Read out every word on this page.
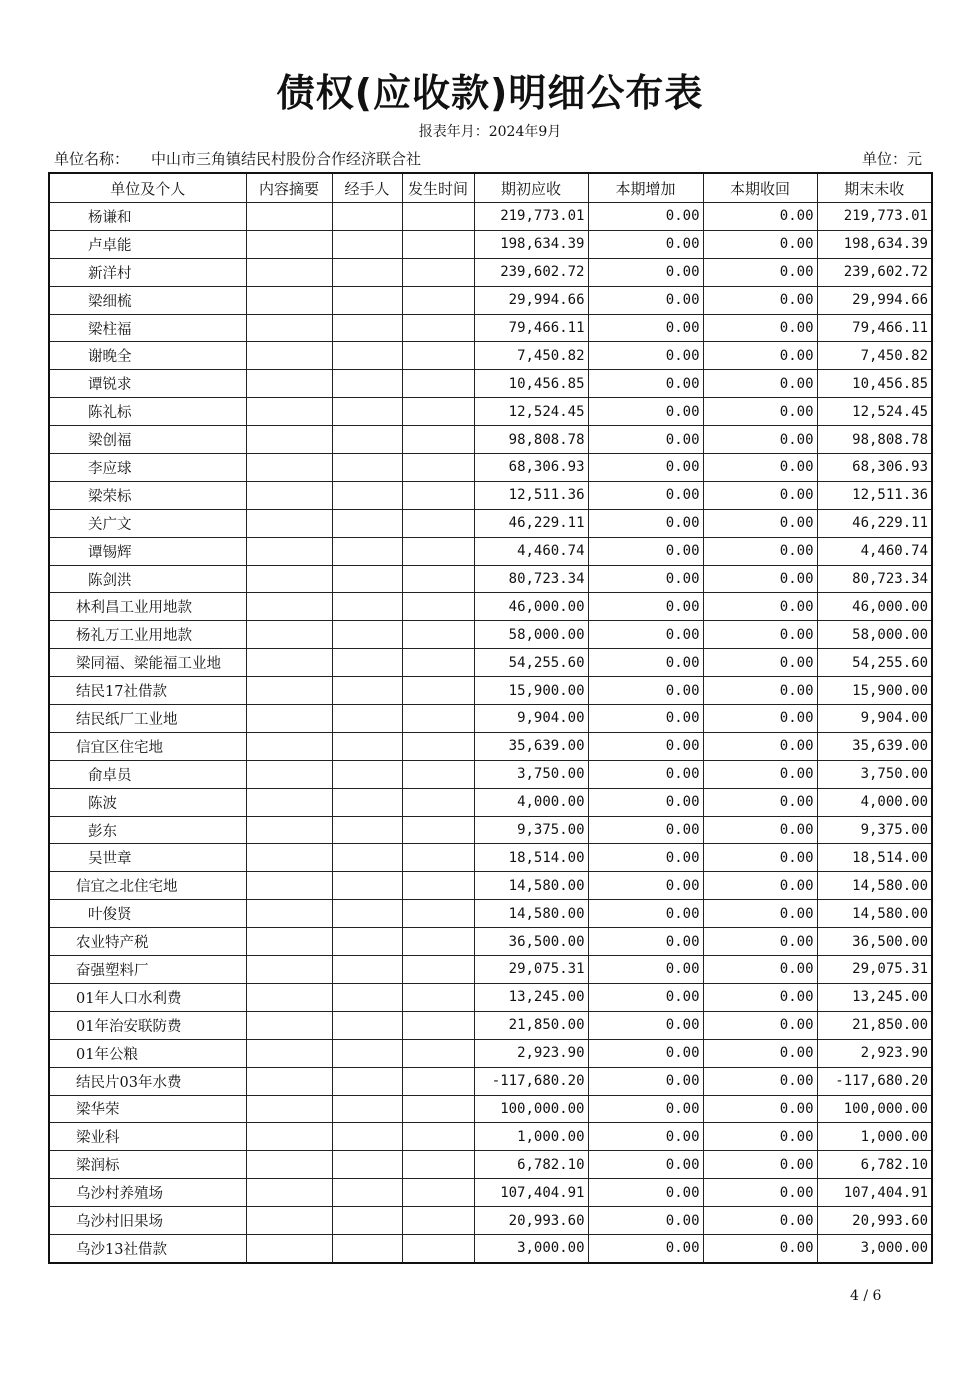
债权(应收款)明细公布表
报表年月：2024年9月
单位名称： 中山市三角镇结民村股份合作经济联合社	单位：元
单位及个人	内容摘要	经手人	发生时间	期初应收	本期增加	本期收回	期末未收
杨谦和				219,773.01	0.00	0.00	219,773.01
卢卓能				198,634.39	0.00	0.00	198,634.39
新洋村				239,602.72	0.00	0.00	239,602.72
梁细梳				29,994.66	0.00	0.00	29,994.66
梁柱福				79,466.11	0.00	0.00	79,466.11
谢晚全				7,450.82	0.00	0.00	7,450.82
谭锐求				10,456.85	0.00	0.00	10,456.85
陈礼标				12,524.45	0.00	0.00	12,524.45
梁创福				98,808.78	0.00	0.00	98,808.78
李应球				68,306.93	0.00	0.00	68,306.93
梁荣标				12,511.36	0.00	0.00	12,511.36
关广文				46,229.11	0.00	0.00	46,229.11
谭锡辉				4,460.74	0.00	0.00	4,460.74
陈剑洪				80,723.34	0.00	0.00	80,723.34
林利昌工业用地款				46,000.00	0.00	0.00	46,000.00
杨礼万工业用地款				58,000.00	0.00	0.00	58,000.00
梁同福、梁能福工业地				54,255.60	0.00	0.00	54,255.60
结民17社借款				15,900.00	0.00	0.00	15,900.00
结民纸厂工业地				9,904.00	0.00	0.00	9,904.00
信宜区住宅地				35,639.00	0.00	0.00	35,639.00
俞卓员				3,750.00	0.00	0.00	3,750.00
陈波				4,000.00	0.00	0.00	4,000.00
彭东				9,375.00	0.00	0.00	9,375.00
吴世章				18,514.00	0.00	0.00	18,514.00
信宜之北住宅地				14,580.00	0.00	0.00	14,580.00
叶俊贤				14,580.00	0.00	0.00	14,580.00
农业特产税				36,500.00	0.00	0.00	36,500.00
奋强塑料厂				29,075.31	0.00	0.00	29,075.31
01年人口水利费				13,245.00	0.00	0.00	13,245.00
01年治安联防费				21,850.00	0.00	0.00	21,850.00
01年公粮				2,923.90	0.00	0.00	2,923.90
结民片03年水费				-117,680.20	0.00	0.00	-117,680.20
梁华荣				100,000.00	0.00	0.00	100,000.00
梁业科				1,000.00	0.00	0.00	1,000.00
梁润标				6,782.10	0.00	0.00	6,782.10
乌沙村养殖场				107,404.91	0.00	0.00	107,404.91
乌沙村旧果场				20,993.60	0.00	0.00	20,993.60
乌沙13社借款				3,000.00	0.00	0.00	3,000.00
4 / 6
